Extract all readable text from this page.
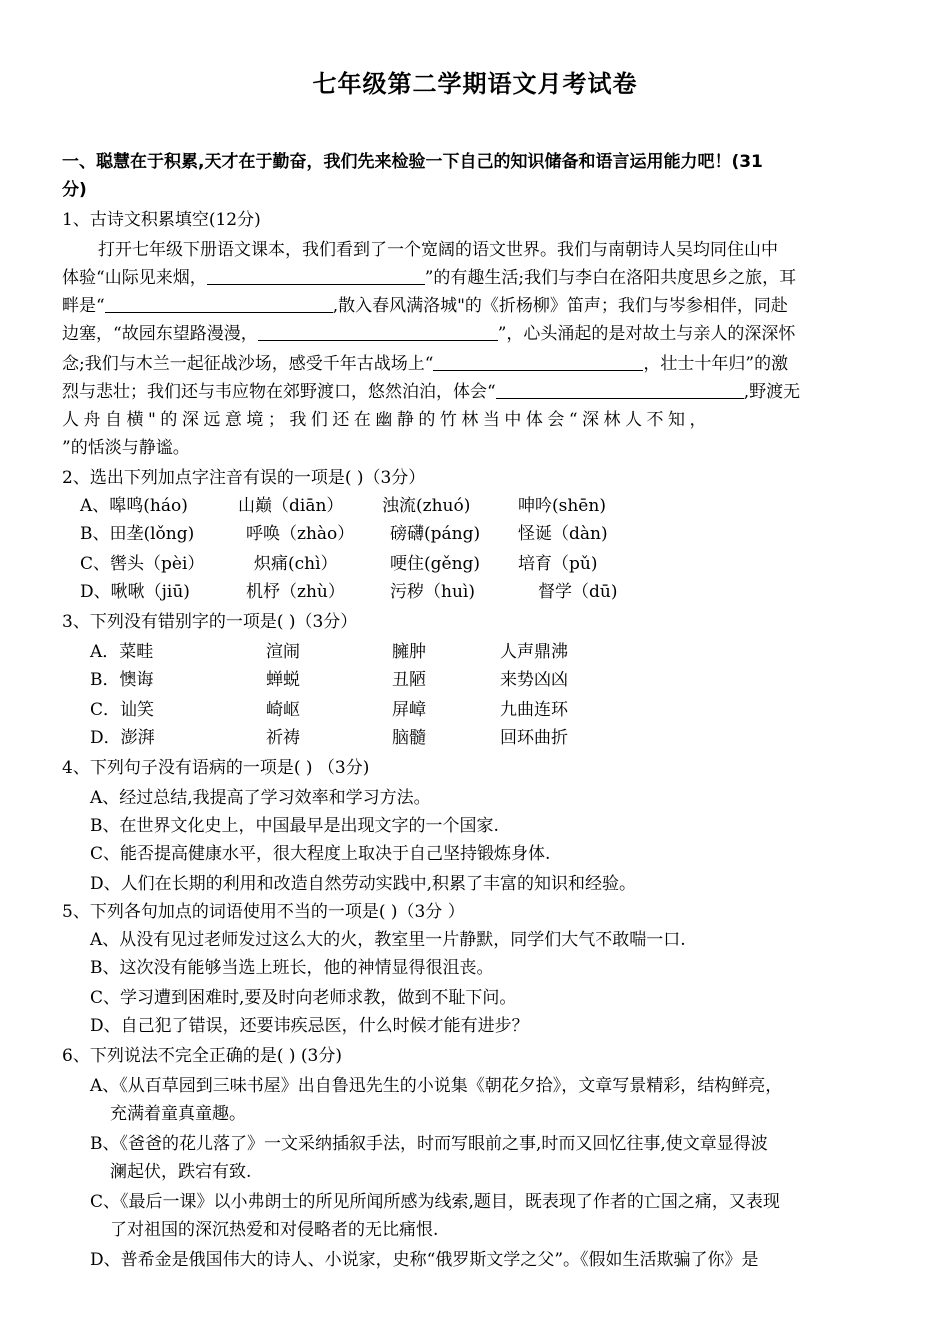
七年级第二学期语文月考试卷
一、聪慧在于积累,天才在于勤奋，我们先来检验一下自己的知识储备和语言运用能力吧！(31
分)
1、古诗文积累填空(12分)
打开七年级下册语文课本，我们看到了一个宽阔的语文世界。我们与南朝诗人吴均同住山中
体验“山际见来烟，	”的有趣生活;我们与李白在洛阳共度思乡之旅，耳
畔是“	,散入春风满洛城"的《折杨柳》笛声；我们与岑参相伴，同赴
边塞，“故园东望路漫漫，	”，心头涌起的是对故土与亲人的深深怀
念;我们与木兰一起征战沙场，感受千年古战场上“	，壮士十年归”的激
烈与悲壮；我们还与韦应物在郊野渡口，悠然泊泊，体会“	,野渡无
人舟自横"的深远意境；我们还在幽静的竹林当中体会“深林人不知，
”的恬淡与静谧。
2、选出下列加点字注音有误的一项是( )（3分）
A、嗥鸣(háo)	山巅（diān） 浊流(zhuó)	呻吟(shēn)
B、田垄(lǒng)	呼唤（zhào） 磅礴(páng) 怪诞（dàn)
C、辔头（pèi）	炽痛(chì）	哽住(gěng) 培育（pǔ)
D、啾啾（jiū)	机杼（zhù）	污秽（huì)	督学（dū)
3、下列没有错别字的一项是( )（3分）
A．菜畦	渲闹	臃肿	人声鼎沸
B．懊诲	蝉蜕	丑陋	来势凶凶
C．讪笑	崎岖	屏嶂	九曲连环
D．澎湃	祈祷	脑髓	回环曲折
4、下列句子没有语病的一项是( ) （3分)
A、经过总结,我提高了学习效率和学习方法。
B、在世界文化史上，中国最早是出现文字的一个国家.
C、能否提高健康水平，很大程度上取决于自己坚持锻炼身体.
D、人们在长期的利用和改造自然劳动实践中,积累了丰富的知识和经验。
5、下列各句加点的词语使用不当的一项是( )（3分 ）
A、从没有见过老师发过这么大的火，教室里一片静默，同学们大气不敢喘一口.
B、这次没有能够当选上班长，他的神情显得很沮丧。
C、学习遭到困难时,要及时向老师求教，做到不耻下问。
D、自己犯了错误，还要讳疾忌医，什么时候才能有进步？
6、下列说法不完全正确的是( ) (3分)
A、《从百草园到三味书屋》出自鲁迅先生的小说集《朝花夕拾》，文章写景精彩，结构鲜亮，
充满着童真童趣。
B、《爸爸的花儿落了》一文采纳插叙手法，时而写眼前之事,时而又回忆往事,使文章显得波
澜起伏，跌宕有致.
C、《最后一课》以小弗朗士的所见所闻所感为线索,题目，既表现了作者的亡国之痛，又表现
了对祖国的深沉热爱和对侵略者的无比痛恨.
D、普希金是俄国伟大的诗人、小说家，史称“俄罗斯文学之父”。《假如生活欺骗了你》是
